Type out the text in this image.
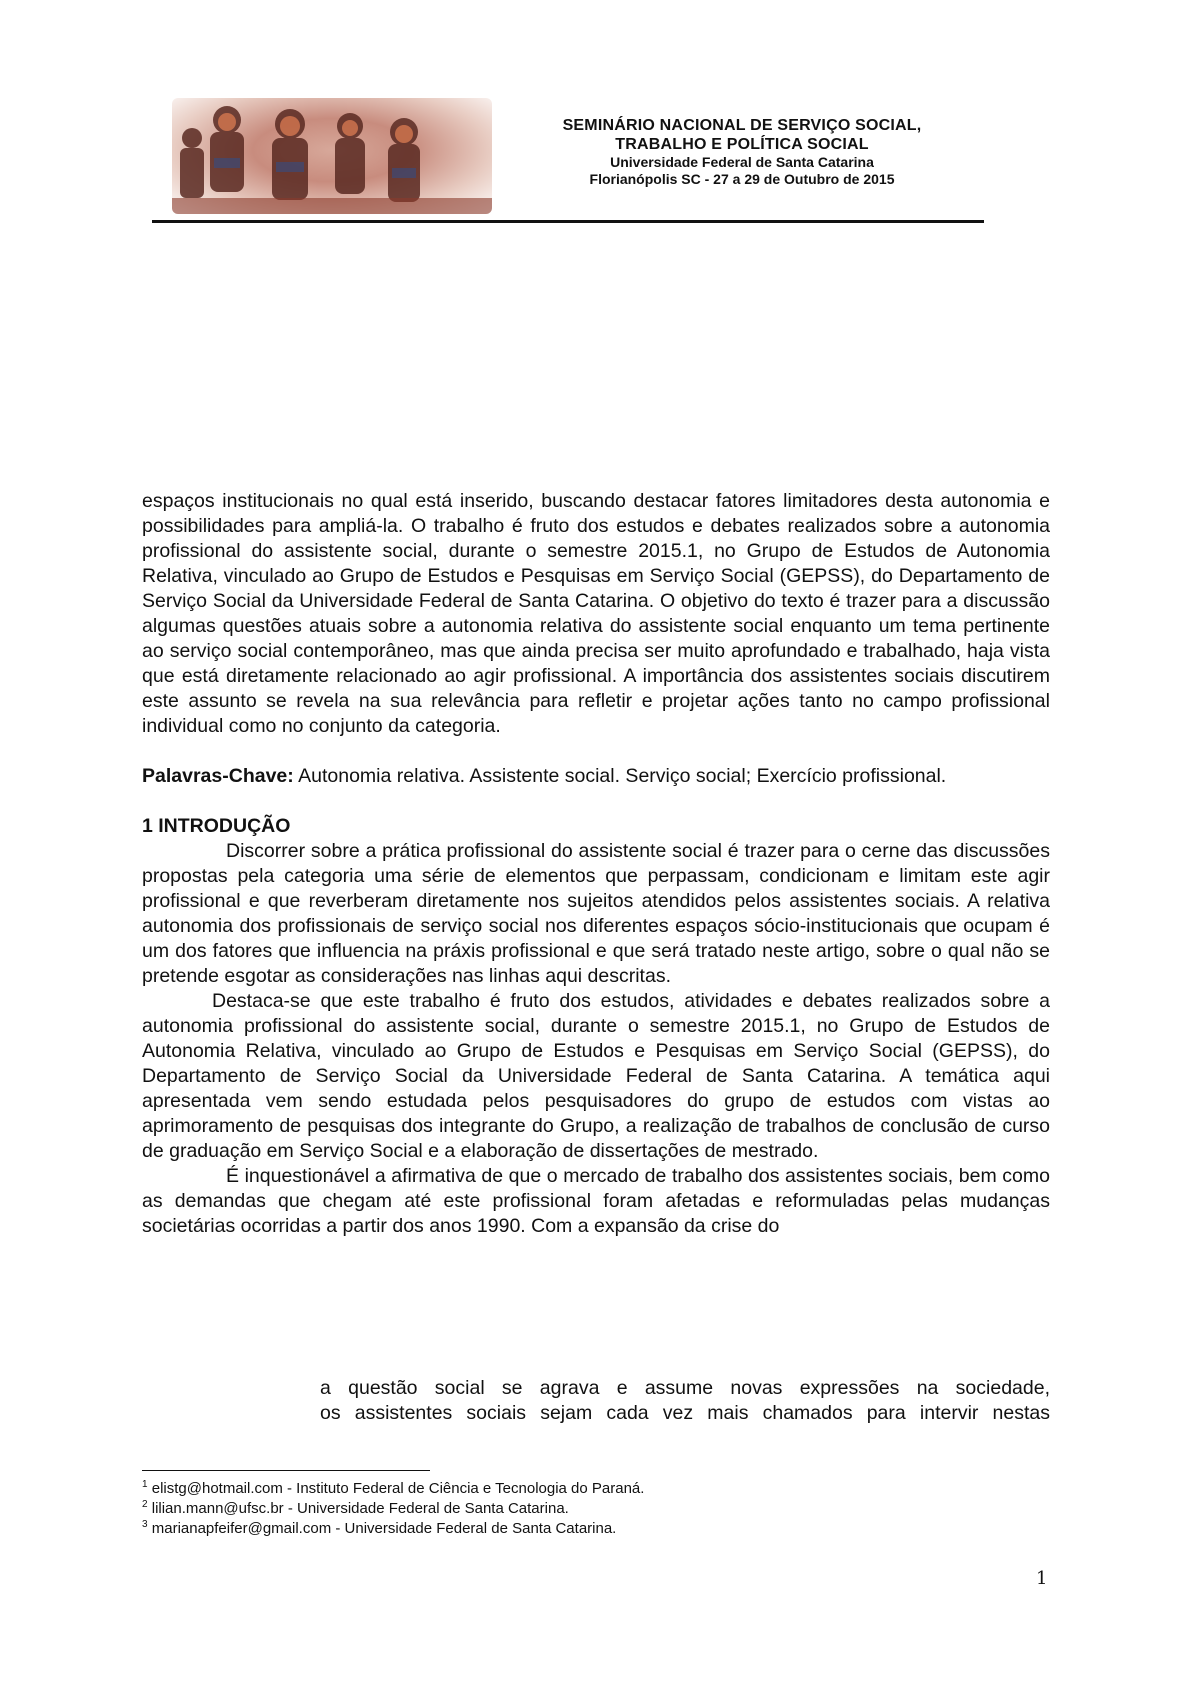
SEMINÁRIO NACIONAL DE SERVIÇO SOCIAL,
TRABALHO E POLÍTICA SOCIAL
Universidade Federal de Santa Catarina
Florianópolis SC - 27 a 29 de Outubro de 2015

espaços institucionais no qual está inserido, buscando destacar fatores limitadores desta autonomia e possibilidades para ampliá-la. O trabalho é fruto dos estudos e debates realizados sobre a autonomia profissional do assistente social, durante o semestre 2015.1, no Grupo de Estudos de Autonomia Relativa, vinculado ao Grupo de Estudos e Pesquisas em Serviço Social (GEPSS), do Departamento de Serviço Social da Universidade Federal de Santa Catarina. O objetivo do texto é trazer para a discussão algumas questões atuais sobre a autonomia relativa do assistente social enquanto um tema pertinente ao serviço social contemporâneo, mas que ainda precisa ser muito aprofundado e trabalhado, haja vista que está diretamente relacionado ao agir profissional. A importância dos assistentes sociais discutirem este assunto se revela na sua relevância para refletir e projetar ações tanto no campo profissional individual como no conjunto da categoria.

Palavras-Chave: Autonomia relativa. Assistente social. Serviço social; Exercício profissional.

1 INTRODUÇÃO

Discorrer sobre a prática profissional do assistente social é trazer para o cerne das discussões propostas pela categoria uma série de elementos que perpassam, condicionam e limitam este agir profissional e que reverberam diretamente nos sujeitos atendidos pelos assistentes sociais. A relativa autonomia dos profissionais de serviço social nos diferentes espaços sócio-institucionais que ocupam é um dos fatores que influencia na práxis profissional e que será tratado neste artigo, sobre o qual não se pretende esgotar as considerações nas linhas aqui descritas.

Destaca-se que este trabalho é fruto dos estudos, atividades e debates realizados sobre a autonomia profissional do assistente social, durante o semestre 2015.1, no Grupo de Estudos de Autonomia Relativa, vinculado ao Grupo de Estudos e Pesquisas em Serviço Social (GEPSS), do Departamento de Serviço Social da Universidade Federal de Santa Catarina. A temática aqui apresentada vem sendo estudada pelos pesquisadores do grupo de estudos com vistas ao aprimoramento de pesquisas dos integrante do Grupo, a realização de trabalhos de conclusão de curso de graduação em Serviço Social e a elaboração de dissertações de mestrado.

É inquestionável a afirmativa de que o mercado de trabalho dos assistentes sociais, bem como as demandas que chegam até este profissional foram afetadas e reformuladas pelas mudanças societárias ocorridas a partir dos anos 1990. Com a expansão da crise do

a questão social se agrava e assume novas expressões na sociedade,

os assistentes sociais sejam cada vez mais chamados para intervir nestas

$^1$ elistg@hotmail.com - Instituto Federal de Ciência e Tecnologia do Paraná.
$^2$ lilian.mann@ufsc.br - Universidade Federal de Santa Catarina.
$^3$ marianapfeifer@gmail.com - Universidade Federal de Santa Catarina.
1
